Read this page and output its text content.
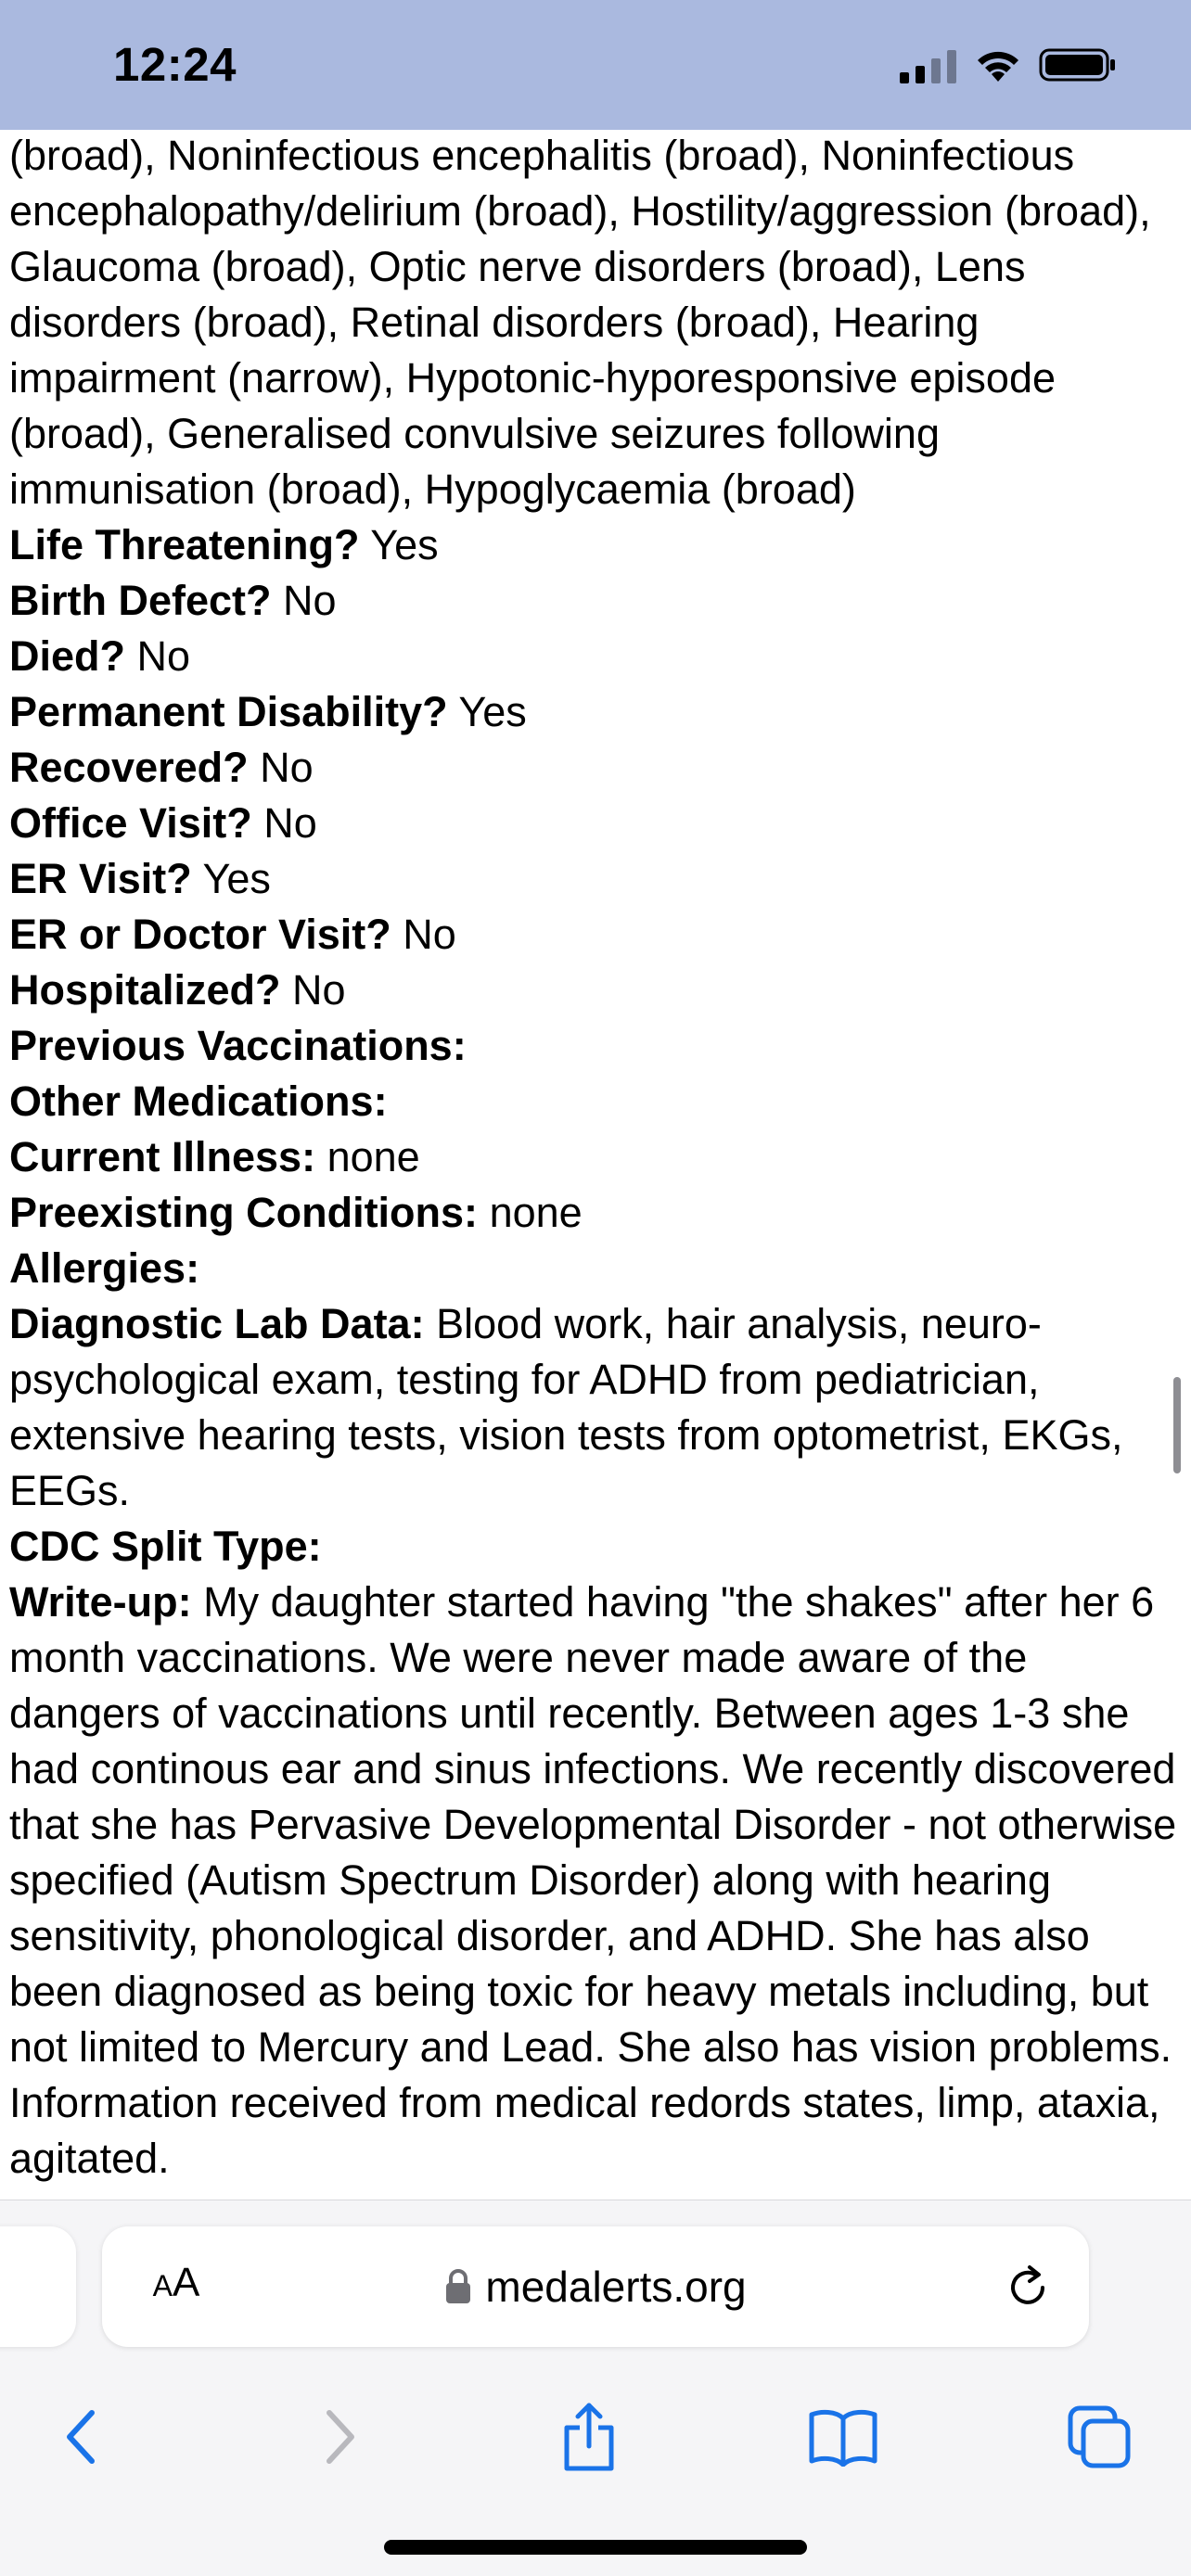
12:24

(broad), Noninfectious encephalitis (broad), Noninfectious encephalopathy/delirium (broad), Hostility/aggression (broad), Glaucoma (broad), Optic nerve disorders (broad), Lens disorders (broad), Retinal disorders (broad), Hearing impairment (narrow), Hypotonic-hyporesponsive episode (broad), Generalised convulsive seizures following immunisation (broad), Hypoglycaemia (broad)

Life Threatening? Yes

Birth Defect? No

Died? No

Permanent Disability? Yes

Recovered? No

Office Visit? No

ER Visit? Yes

ER or Doctor Visit? No

Hospitalized? No

Previous Vaccinations:

Other Medications:

Current Illness: none

Preexisting Conditions: none

Allergies:

Diagnostic Lab Data: Blood work, hair analysis, neuro-psychological exam, testing for ADHD from pediatrician, extensive hearing tests, vision tests from optometrist, EKGs, EEGs.

CDC Split Type:

Write-up: My daughter started having "the shakes" after her 6 month vaccinations. We were never made aware of the dangers of vaccinations until recently. Between ages 1-3 she had continous ear and sinus infections. We recently discovered that she has Pervasive Developmental Disorder - not otherwise specified (Autism Spectrum Disorder) along with hearing sensitivity, phonological disorder, and ADHD. She has also been diagnosed as being toxic for heavy metals including, but not limited to Mercury and Lead. She also has vision problems. Information received from medical redords states, limp, ataxia, agitated.

A A	medalerts.org
